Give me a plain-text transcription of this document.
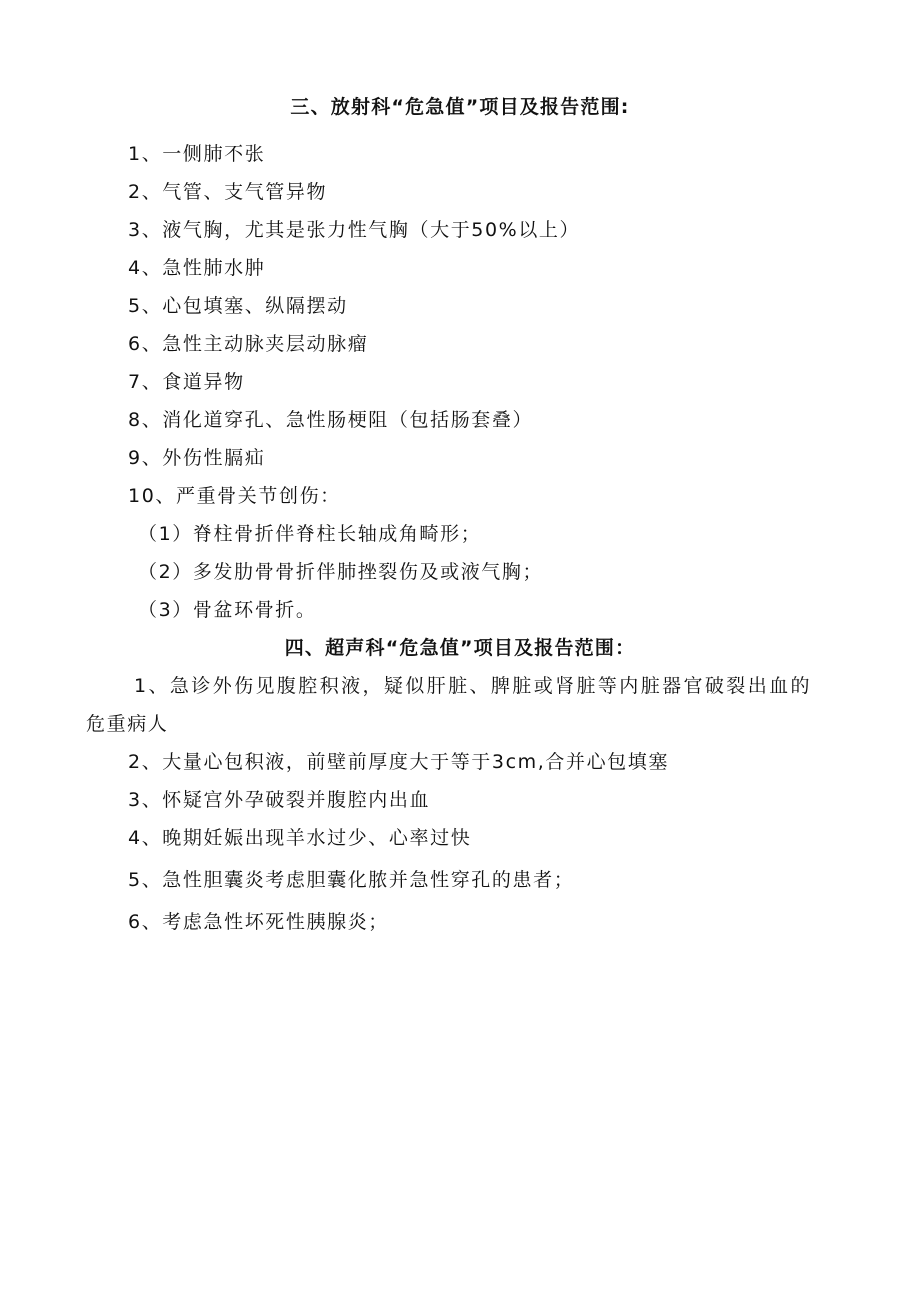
三、放射科“危急值”项目及报告范围:
1、一侧肺不张
2、气管、支气管异物
3、液气胸，尤其是张力性气胸（大于50%以上）
4、急性肺水肿
5、心包填塞、纵隔摆动
6、急性主动脉夹层动脉瘤
7、食道异物
8、消化道穿孔、急性肠梗阻（包括肠套叠）
9、外伤性膈疝
10、严重骨关节创伤：
（1）脊柱骨折伴脊柱长轴成角畸形；
（2）多发肋骨骨折伴肺挫裂伤及或液气胸；
（3）骨盆环骨折。
四、超声科“危急值”项目及报告范围：
1、急诊外伤见腹腔积液，疑似肝脏、脾脏或肾脏等内脏器官破裂出血的
危重病人
2、大量心包积液，前壁前厚度大于等于3cm,合并心包填塞
3、怀疑宫外孕破裂并腹腔内出血
4、晚期妊娠出现羊水过少、心率过快
5、急性胆囊炎考虑胆囊化脓并急性穿孔的患者；
6、考虑急性坏死性胰腺炎；
